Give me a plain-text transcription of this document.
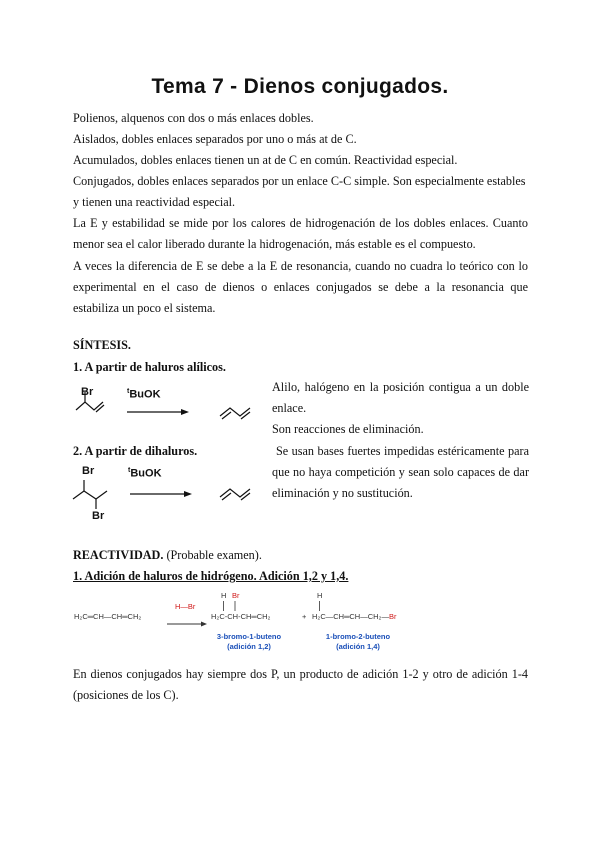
Tema 7 - Dienos conjugados.
Polienos, alquenos con dos o más enlaces dobles.
Aislados, dobles enlaces separados por uno o más at de C.
Acumulados, dobles enlaces tienen un at de C en común. Reactividad especial.
Conjugados, dobles enlaces separados por un enlace C-C simple. Son especialmente estables
y tienen una reactividad especial.
La E y estabilidad se mide por los calores de hidrogenación de los dobles enlaces. Cuanto menor sea el calor liberado durante la hidrogenación, más estable es el compuesto.
A veces la diferencia de E se debe a la E de resonancia, cuando no cuadra lo teórico con lo experimental en el caso de dienos o enlaces conjugados se debe a la resonancia que estabiliza un poco el sistema.
SÍNTESIS.
1. A partir de haluros alílicos.
Br	$^t$BuOK
Alilo, halógeno en la posición contigua a un doble enlace.
Son reacciones de eliminación.
2. A partir de dihaluros.
Br
Br
$^t$BuOK
Se usan bases fuertes impedidas estéricamente para que no haya competición y sean solo capaces de dar eliminación y no sustitución.
REACTIVIDAD. (Probable examen).
1. Adición de haluros de hidrógeno. Adición 1,2 y 1,4.
H₂C═CH—CH═CH₂
H—Br
H Br
H₂C-CH-CH═CH₂
3-bromo-1-buteno
(adición 1,2)
+
H
H₂C—CH═CH—CH₂—Br
1-bromo-2-buteno
(adición 1,4)
En dienos conjugados hay siempre dos P, un producto de adición 1-2 y otro de adición 1-4 (posiciones de los C).
